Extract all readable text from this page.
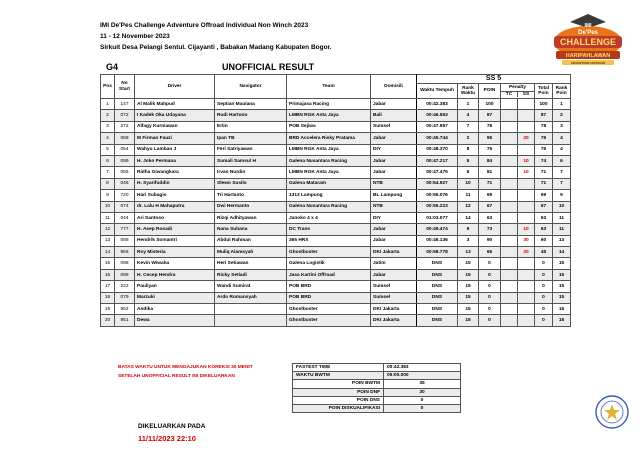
IMI De'Pes Challenge Adventure Offroad Individual Non Winch 2023
11 - 12 November 2023
Sirkuit Desa Pelangi Sentul. Cijayanti , Babakan Madang Kabupaten Bogor.
G4	UNOFFICIAL RESULT
IMI
De'Pes
CHALLENGE
HARIPAHLAWAN
ADVENTURE OFFROAD
Pos	No Start	Driver	Navigator	Team	Domisili	SS 5						
						Waktu Tempuh	Rank Waktu	POIN	Penalty
TC SS		Total Poin	Rank Poin
1	147	Al Malik Mahpud	Septian Maulana	Primajasa Racing	Jabar	00:42.383	1	100			100	1
2	072	I Kadek Oka Udayana	Rudi Hartono	LMBN RGK Anta Jaya	Bali	00:46.553	4	87			87	2
3	272	Alfagy Kurniawan	Erlin	POB Sejiwa	Sumsel	00:47.957	7	78			78	3
4	069	M Firman Fauzi	Ipan TB	BRD Accelera Risky Pratama	Jabar	00:45.744	2	95		20	75	4
5	054	Wahyu Lamban J	Feri Satriyawan	LMBN RGK Anta Jaya	DIY	00:48.370	8	75			75	4
6	099	H. Joko Permana	Sumali Samsul H	Galena Nusantara Racing	Jabar	00:47.217	5	84		10	74	6
7	055	Ridha Giwangkara	Irvan Nurdin	LMBN RGK Anta Jaya	Jabar	00:47.475	6	81		10	71	7
8	046	H. Syarifuddin	Slewo Susilo	Galena Mataram	NTB	00:54.927	10	71			71	7
9	720	Hari Subagio	Tri Hartanto	1313 Lampung	BL Lampung	00:55.076	11	69			69	9
10	074	dr. Lalu H Mahaputra	Dwi Hermanto	Galena Nusantara Racing	NTB	00:55.223	12	67			67	10
11	044	Ari Santoso	Rizqi Adhityawan	Janoko 4 x 4	DIY	01:03.077	14	63			63	11
12	777	H. Asep Rosadi	Nana Suhana	DC Trans	Jabar	00:49.474	9	73		10	63	11
13	088	Hendrik Somantri	Abdul Rahman	365 HRX	Jabar	00:46.136	3	90		30	60	13
14	956	Roy Misteria	Muliq Alamsyah	Ghostbuster	DKI Jakarta	00:58.778	13	65		20	45	14
15	098	Kevin Wiwaha	Heri Setiawan	Galena Logistik	Jatim	DNS	15	0			0	15
16	099	H. Cecep Hendra	Ricky Setiadi	Jasa Kartini Offroad	Jabar	DNS	15	0			0	15
17	222	Pauliyan	Wandi Sumirat	POB BRD	Sumsel	DNS	15	0			0	15
18	079	Marzuki	Ardo Romansyah	POB BRD	Sumsel	DNS	15	0			0	15
19	952	Andika		Ghostbuster	DKI Jakarta	DNS	15	0			0	15
20	951	Dewa		Ghostbuster	DKI Jakarta	DNS	15	0			0	15
BATAS WAKTU UNTUK MENGAJUKAN KOREKSI 30 MENIT
SETELAH UNOFFICIAL RESULT INI DIKELUARKAN
FASTEST TIME	00:42.383
WAKTU BWTM	05:00.000
POIN BWTM	35
POIN DNF	30
POIN DNS	0
POIN DISKUALIFIKASI	0
DIKELUARKAN PADA
11/11/2023 22:10
